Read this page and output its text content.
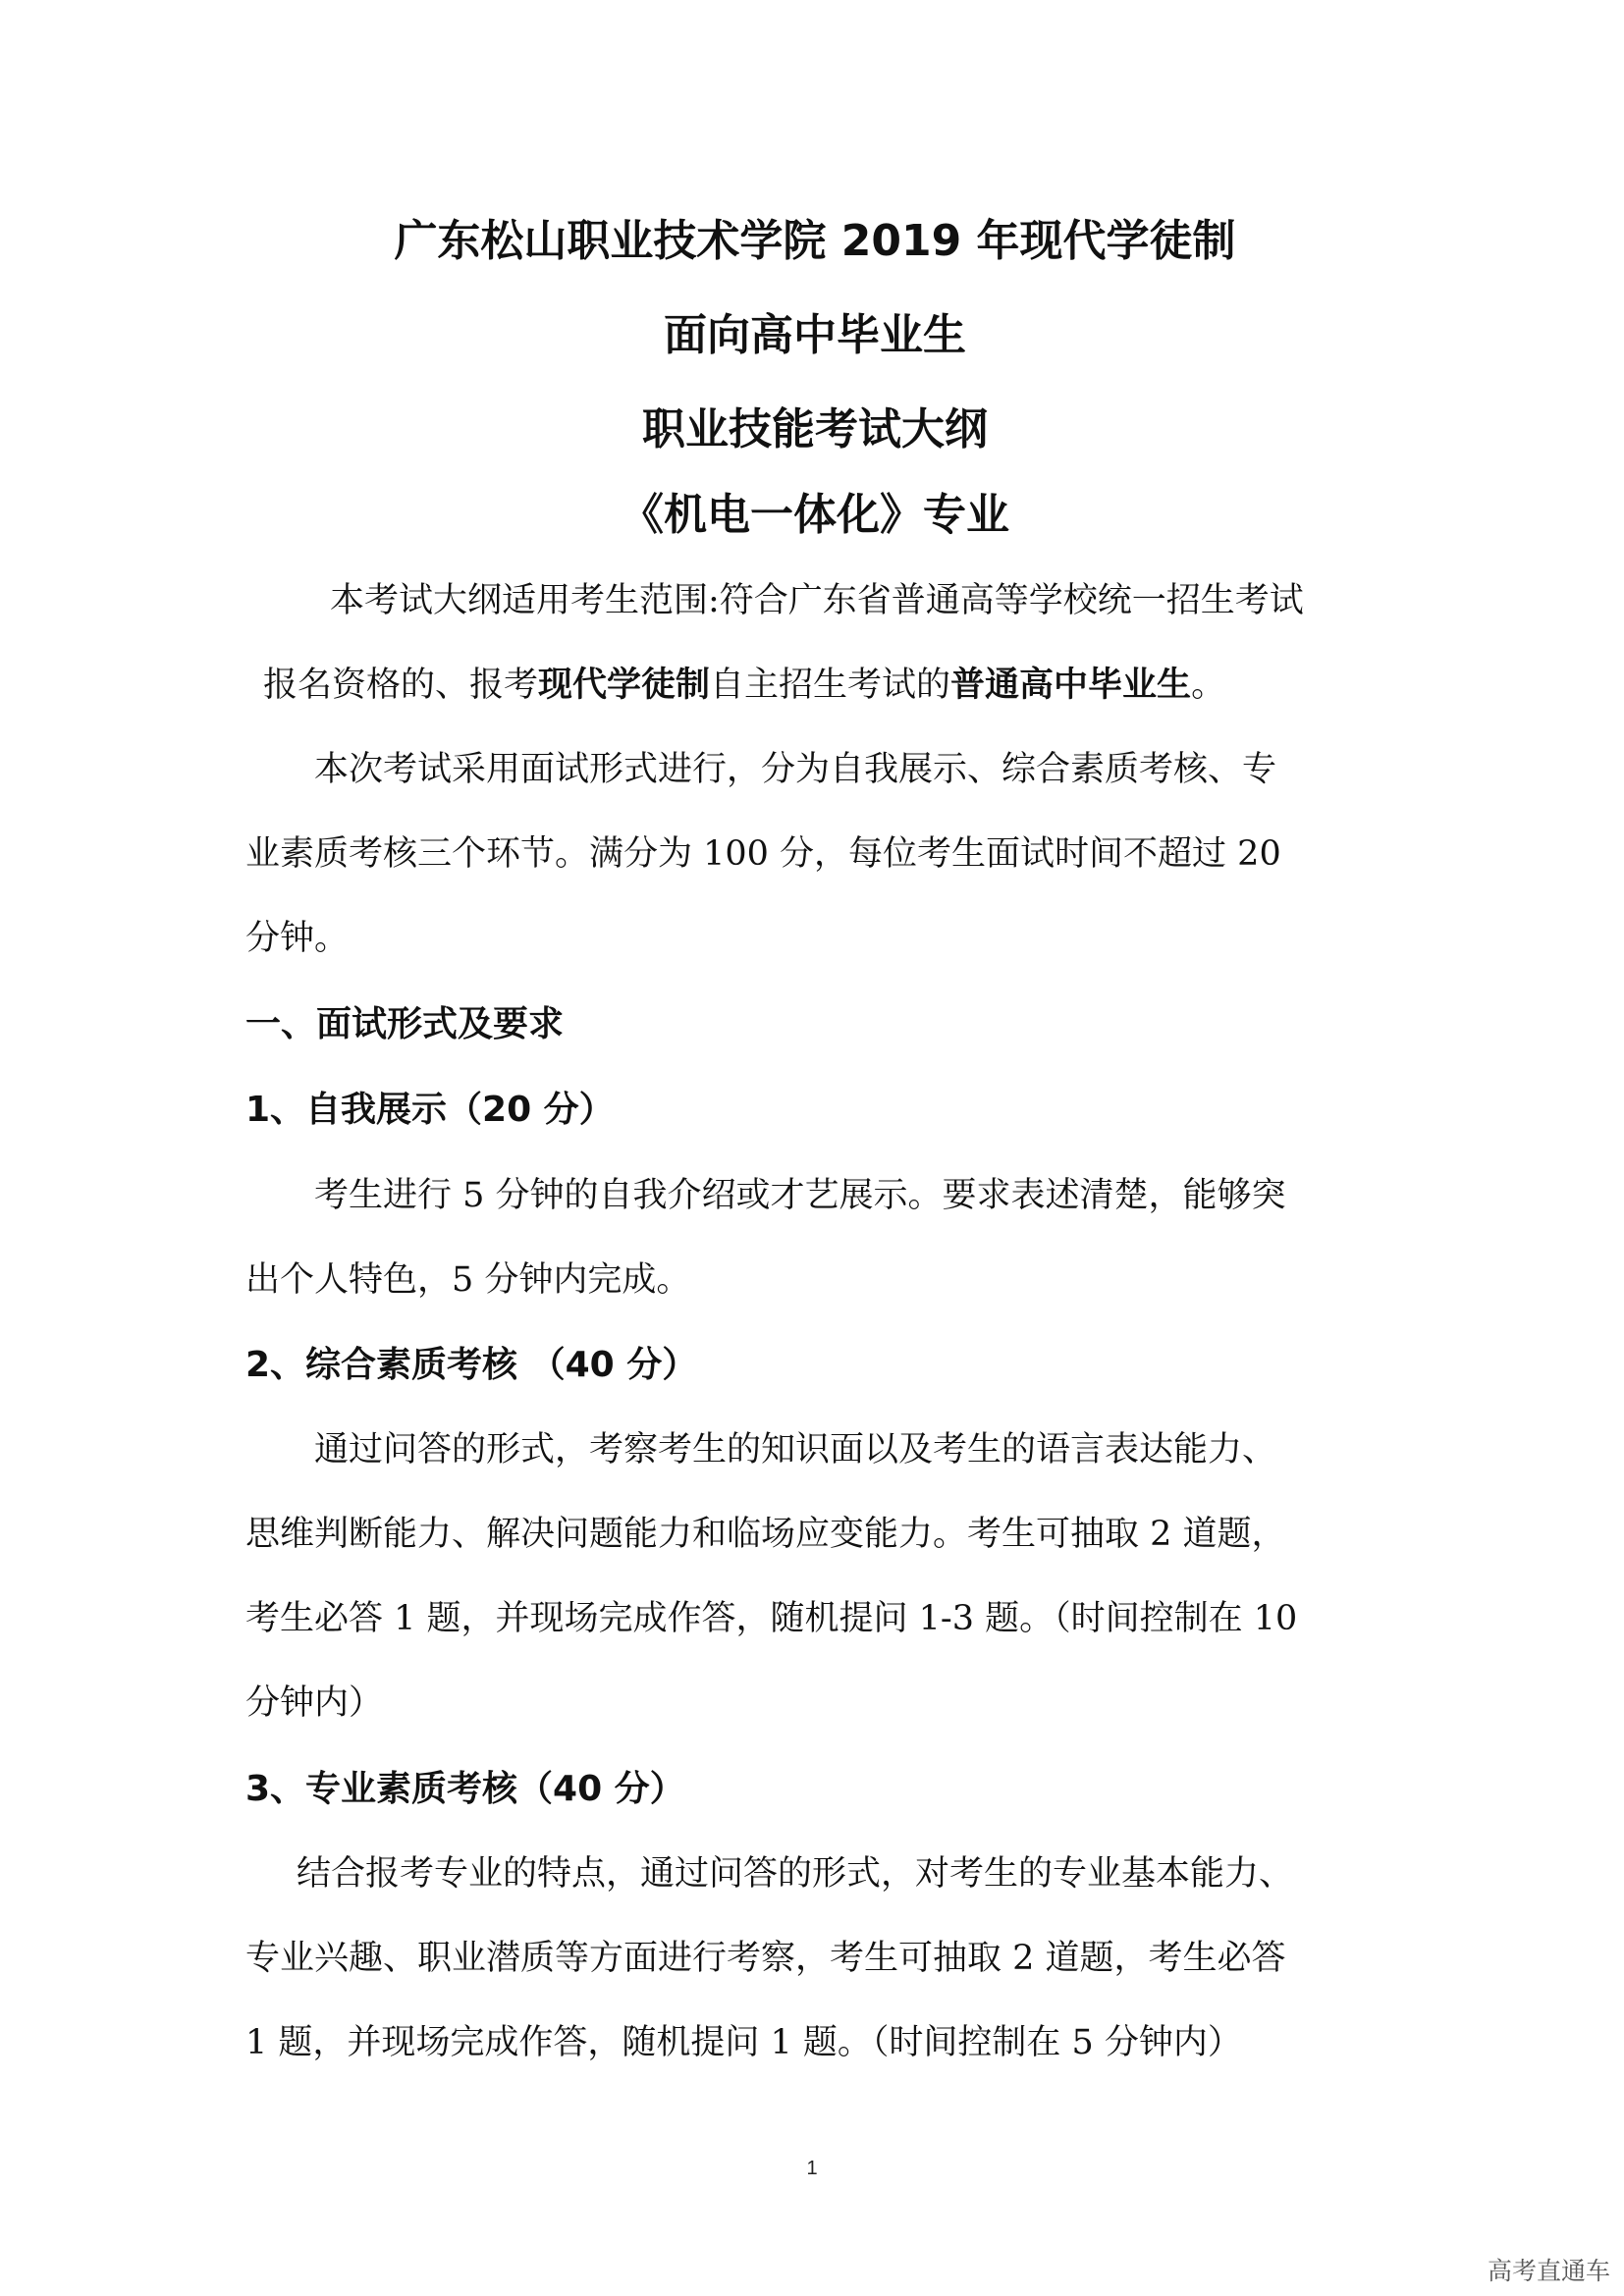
广东松山职业技术学院 2019 年现代学徒制
面向高中毕业生
职业技能考试大纲
《机电一体化》专业
本考试大纲适用考生范围:符合广东省普通高等学校统一招生考试
报名资格的、报考现代学徒制自主招生考试的普通高中毕业生。
本次考试采用面试形式进行，分为自我展示、综合素质考核、专
业素质考核三个环节。满分为 100 分，每位考生面试时间不超过 20
分钟。
一、面试形式及要求
1、自我展示（20 分）
考生进行 5 分钟的自我介绍或才艺展示。要求表述清楚，能够突
出个人特色，5 分钟内完成。
2、综合素质考核 （40 分）
通过问答的形式，考察考生的知识面以及考生的语言表达能力、
思维判断能力、解决问题能力和临场应变能力。考生可抽取 2 道题，
考生必答 1 题，并现场完成作答，随机提问 1-3 题。（时间控制在 10
分钟内）
3、专业素质考核（40 分）
结合报考专业的特点，通过问答的形式，对考生的专业基本能力、
专业兴趣、职业潜质等方面进行考察，考生可抽取 2 道题，考生必答
1 题，并现场完成作答，随机提问 1 题。（时间控制在 5 分钟内）
1
高考直通车
